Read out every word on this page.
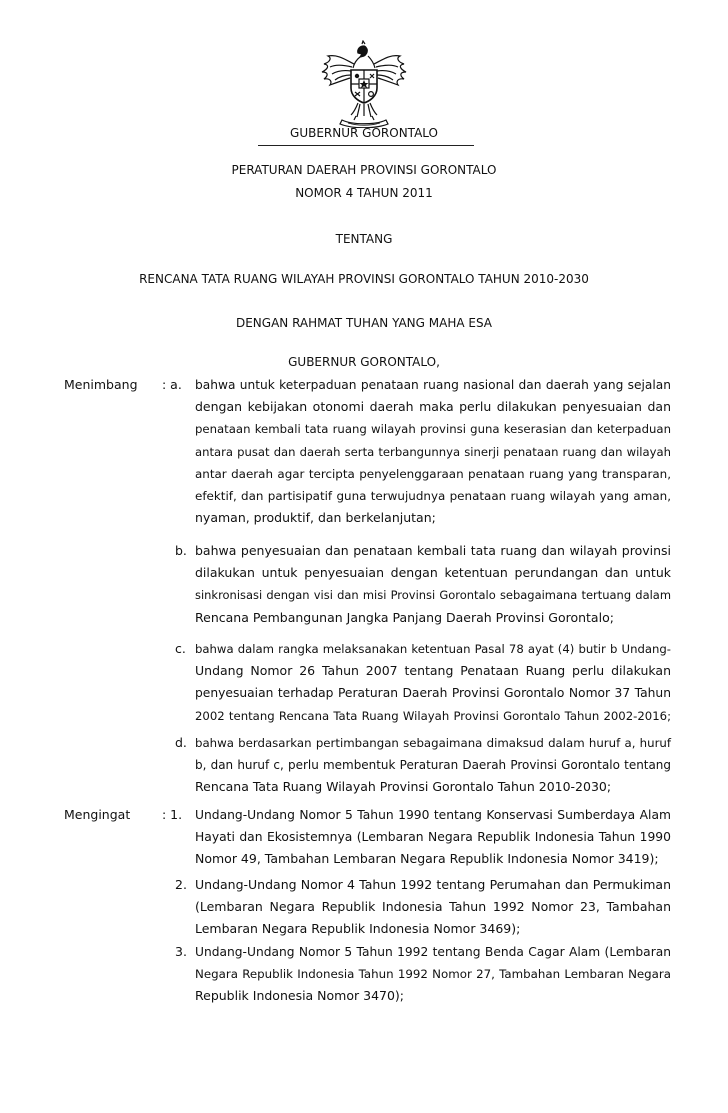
GUBERNUR GORONTALO
PERATURAN DAERAH PROVINSI GORONTALO
NOMOR 4 TAHUN 2011
TENTANG
RENCANA TATA RUANG WILAYAH PROVINSI GORONTALO TAHUN 2010-2030
DENGAN RAHMAT TUHAN YANG MAHA ESA
GUBERNUR GORONTALO,
Menimbang : a. bahwa untuk keterpaduan penataan ruang nasional dan daerah yang sejalan
dengan kebijakan otonomi daerah maka perlu dilakukan penyesuaian dan
penataan kembali tata ruang wilayah provinsi guna keserasian dan keterpaduan
antara pusat dan daerah serta terbangunnya sinerji penataan ruang dan wilayah
antar daerah agar tercipta penyelenggaraan penataan ruang yang transparan,
efektif, dan partisipatif guna terwujudnya penataan ruang wilayah yang aman,
nyaman, produktif, dan berkelanjutan;
b. bahwa penyesuaian dan penataan kembali tata ruang dan wilayah provinsi
dilakukan untuk penyesuaian dengan ketentuan perundangan dan untuk
sinkronisasi dengan visi dan misi Provinsi Gorontalo sebagaimana tertuang dalam
Rencana Pembangunan Jangka Panjang Daerah Provinsi Gorontalo;
c. bahwa dalam rangka melaksanakan ketentuan Pasal 78 ayat (4) butir b Undang-
Undang Nomor 26 Tahun 2007 tentang Penataan Ruang perlu dilakukan
penyesuaian terhadap Peraturan Daerah Provinsi Gorontalo Nomor 37 Tahun
2002 tentang Rencana Tata Ruang Wilayah Provinsi Gorontalo Tahun 2002-2016;
d. bahwa berdasarkan pertimbangan sebagaimana dimaksud dalam huruf a, huruf
b, dan huruf c, perlu membentuk Peraturan Daerah Provinsi Gorontalo tentang
Rencana Tata Ruang Wilayah Provinsi Gorontalo Tahun 2010-2030;
Mengingat	: 1. Undang-Undang Nomor 5 Tahun 1990 tentang Konservasi Sumberdaya Alam
Hayati dan Ekosistemnya (Lembaran Negara Republik Indonesia Tahun 1990
Nomor 49, Tambahan Lembaran Negara Republik Indonesia Nomor 3419);
2. Undang-Undang Nomor 4 Tahun 1992 tentang Perumahan dan Permukiman
(Lembaran Negara Republik Indonesia Tahun 1992 Nomor 23, Tambahan
Lembaran Negara Republik Indonesia Nomor 3469);
3. Undang-Undang Nomor 5 Tahun 1992 tentang Benda Cagar Alam (Lembaran
Negara Republik Indonesia Tahun 1992 Nomor 27, Tambahan Lembaran Negara
Republik Indonesia Nomor 3470);
